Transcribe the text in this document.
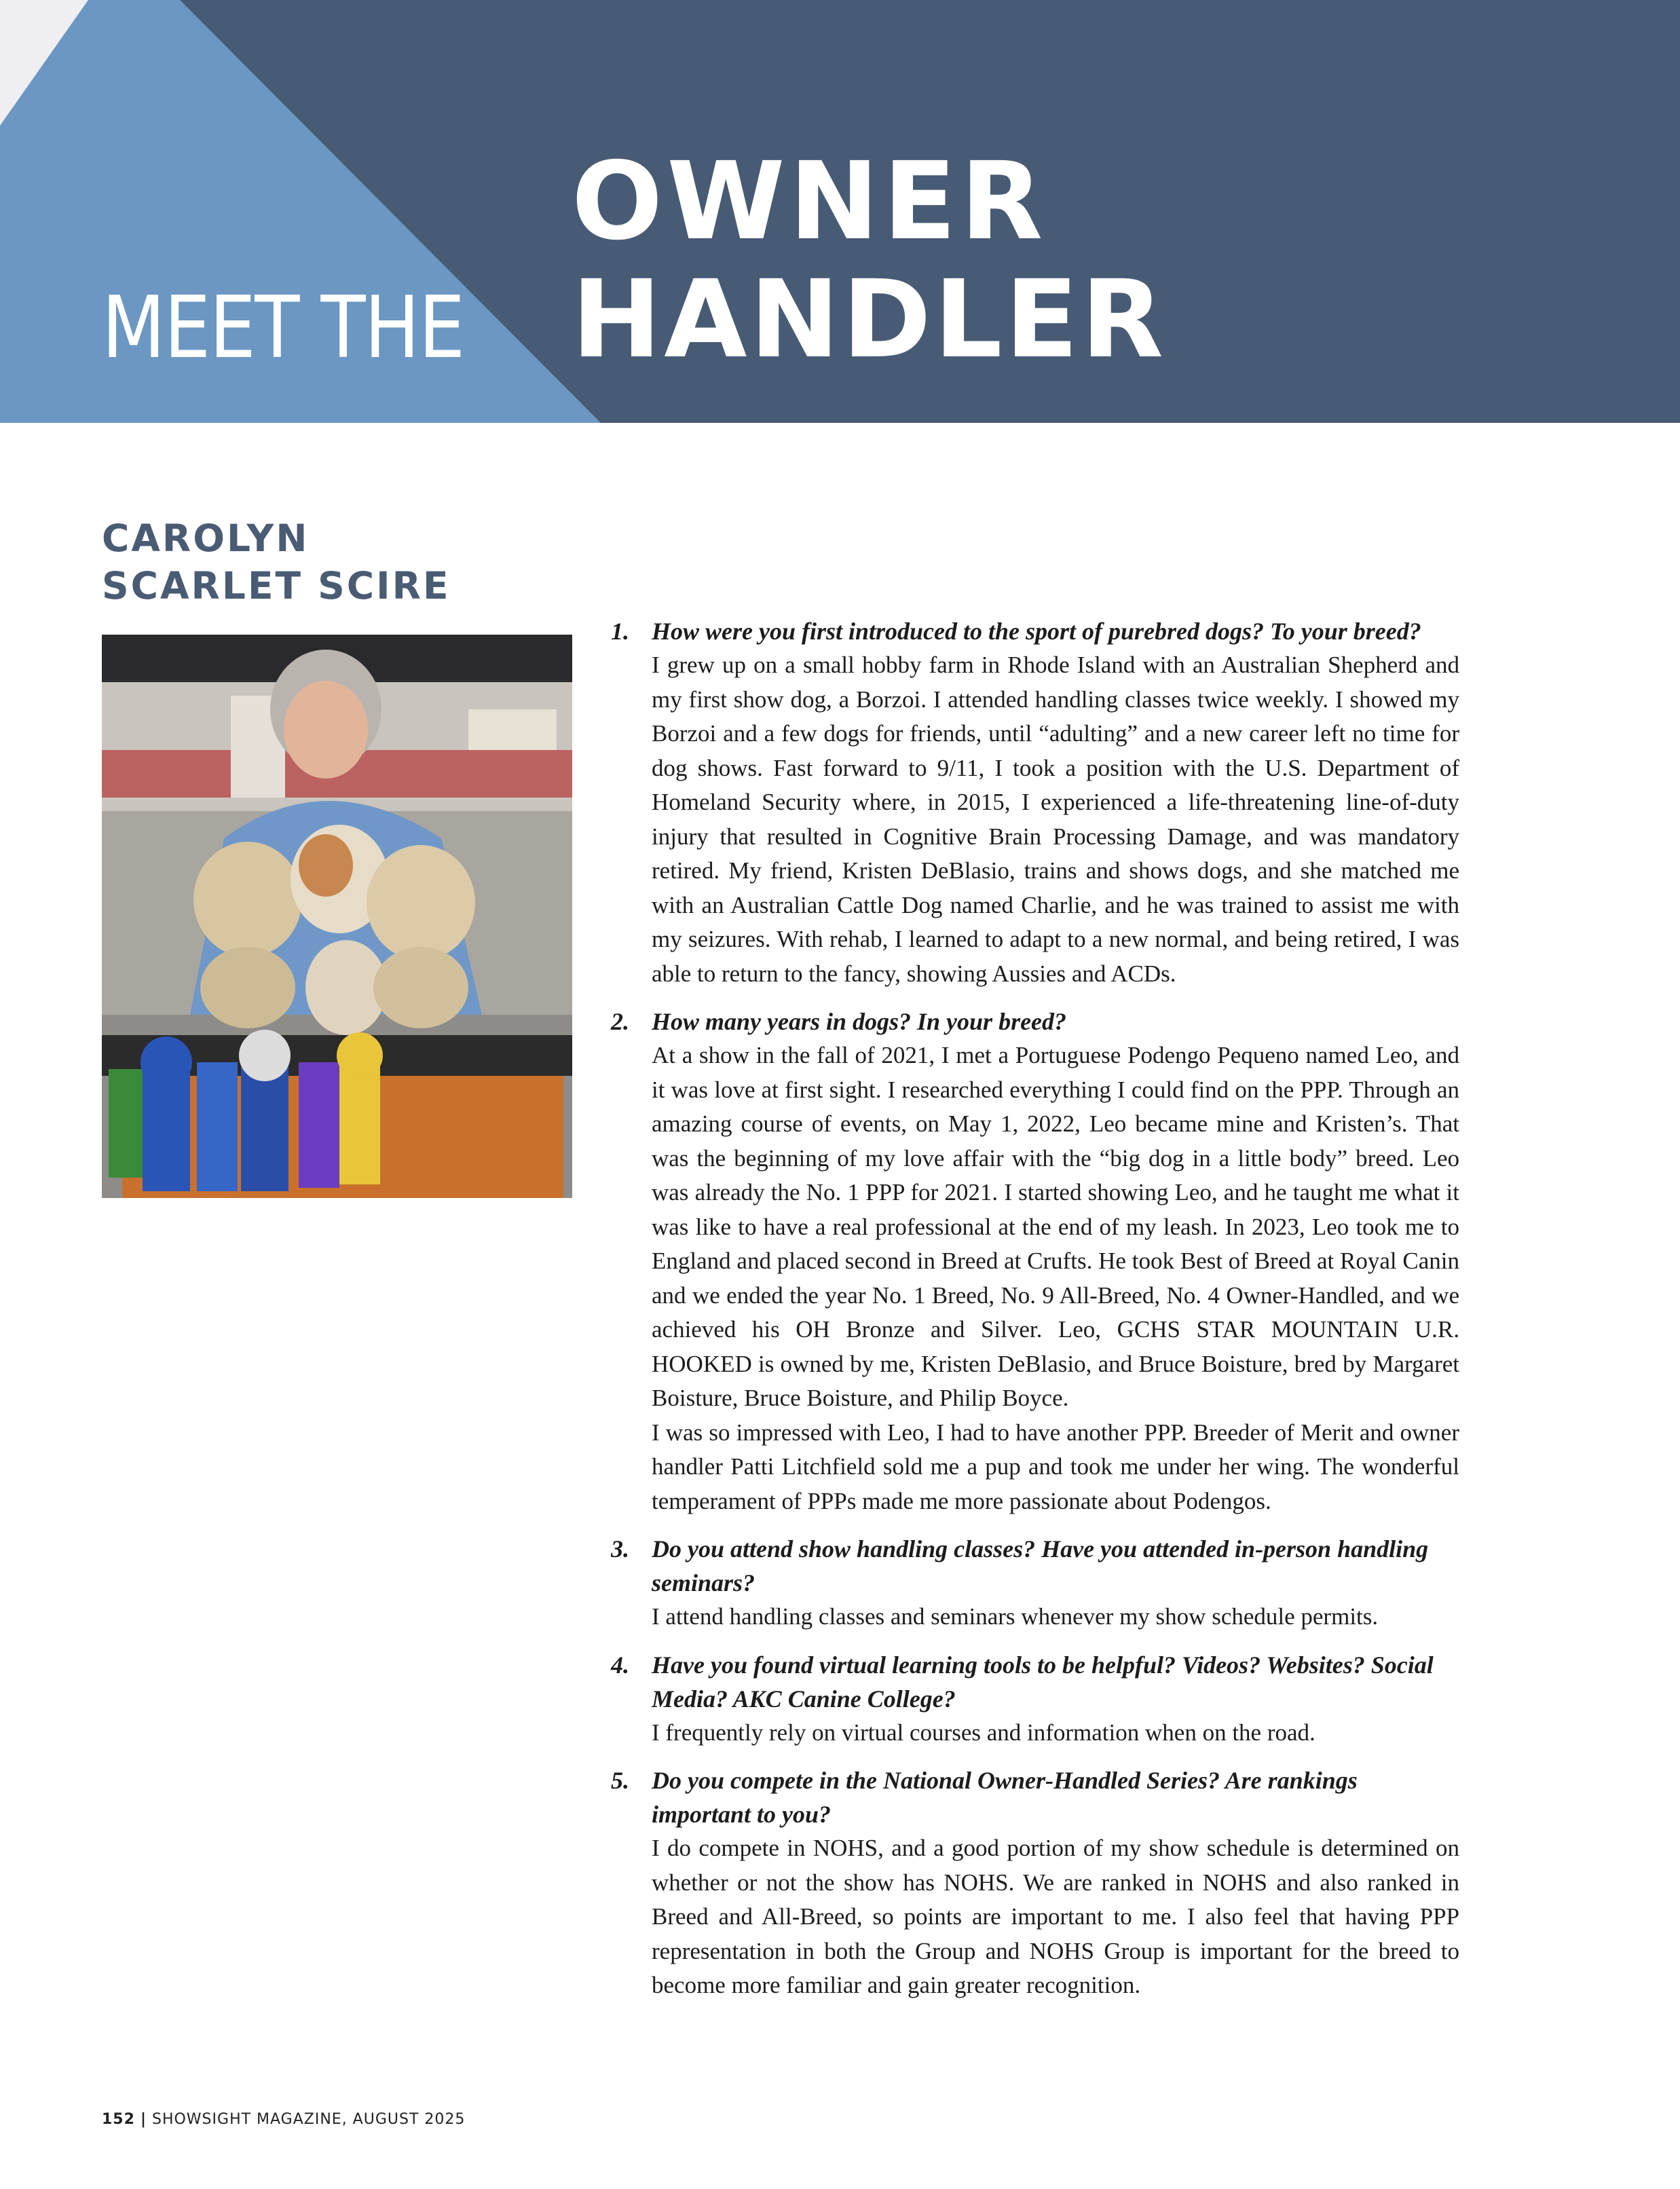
OWNER
MEET THE HANDLER
CAROLYN
SCARLET SCIRE
1. How were you first introduced to the sport of purebred dogs? To your breed?

I grew up on a small hobby farm in Rhode Island with an Australian Shepherd and my first show dog, a Borzoi. I attended handling classes twice weekly. I showed my Borzoi and a few dogs for friends, until “adulting” and a new career left no time for dog shows. Fast forward to 9/11, I took a position with the U.S. Department of Homeland Security where, in 2015, I experienced a life-threatening line-of-duty injury that resulted in Cognitive Brain Processing Damage, and was mandatory retired. My friend, Kristen DeBlasio, trains and shows dogs, and she matched me with an Australian Cattle Dog named Charlie, and he was trained to assist me with my seizures. With rehab, I learned to adapt to a new normal, and being retired, I was able to return to the fancy, showing Aussies and ACDs.

2. How many years in dogs? In your breed?

At a show in the fall of 2021, I met a Portuguese Podengo Pequeno named Leo, and it was love at first sight. I researched everything I could find on the PPP. Through an amazing course of events, on May 1, 2022, Leo became mine and Kristen’s. That was the beginning of my love affair with the “big dog in a little body” breed. Leo was already the No. 1 PPP for 2021. I started showing Leo, and he taught me what it was like to have a real professional at the end of my leash. In 2023, Leo took me to England and placed second in Breed at Crufts. He took Best of Breed at Royal Canin and we ended the year No. 1 Breed, No. 9 All-Breed, No. 4 Owner-Handled, and we achieved his OH Bronze and Silver. Leo, GCHS STAR MOUNTAIN U.R. HOOKED is owned by me, Kristen DeBlasio, and Bruce Boisture, bred by Margaret Boisture, Bruce Boisture, and Philip Boyce.

I was so impressed with Leo, I had to have another PPP. Breeder of Merit and owner handler Patti Litchfield sold me a pup and took me under her wing. The wonderful temperament of PPPs made me more passionate about Podengos.

3. Do you attend show handling classes? Have you attended in-person handling seminars?

I attend handling classes and seminars whenever my show schedule permits.

4. Have you found virtual learning tools to be helpful? Videos? Websites? Social Media? AKC Canine College?

I frequently rely on virtual courses and information when on the road.

5. Do you compete in the National Owner-Handled Series? Are rankings important to you?

I do compete in NOHS, and a good portion of my show schedule is determined on whether or not the show has NOHS. We are ranked in NOHS and also ranked in Breed and All-Breed, so points are important to me. I also feel that having PPP representation in both the Group and NOHS Group is important for the breed to become more familiar and gain greater recognition.

152 | SHOWSIGHT MAGAZINE, AUGUST 2025
